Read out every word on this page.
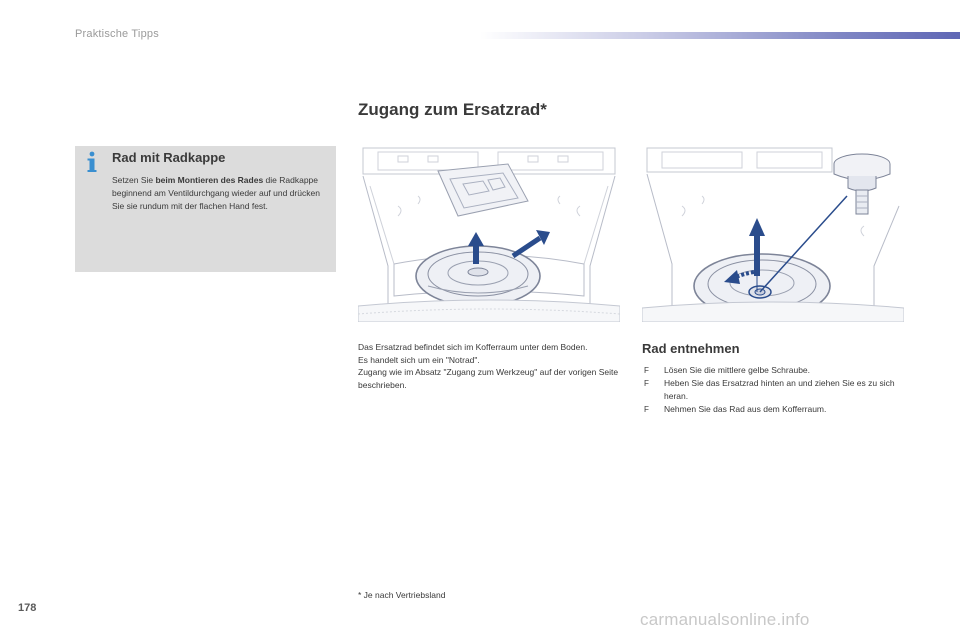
Praktische Tipps
Zugang zum Ersatzrad*
Rad mit Radkappe

Setzen Sie beim Montieren des Rades die Radkappe beginnend am Ventildurchgang wieder auf und drücken Sie sie rundum mit der flachen Hand fest.

Das Ersatzrad befindet sich im Kofferraum unter dem Boden.

Es handelt sich um ein "Notrad".

Zugang wie im Absatz "Zugang zum Werkzeug" auf der vorigen Seite beschrieben.

Rad entnehmen
F Lösen Sie die mittlere gelbe Schraube.
F Heben Sie das Ersatzrad hinten an und ziehen Sie es zu sich heran.
F Nehmen Sie das Rad aus dem Kofferraum.
* Je nach Vertriebsland
178
carmanualsonline.info
